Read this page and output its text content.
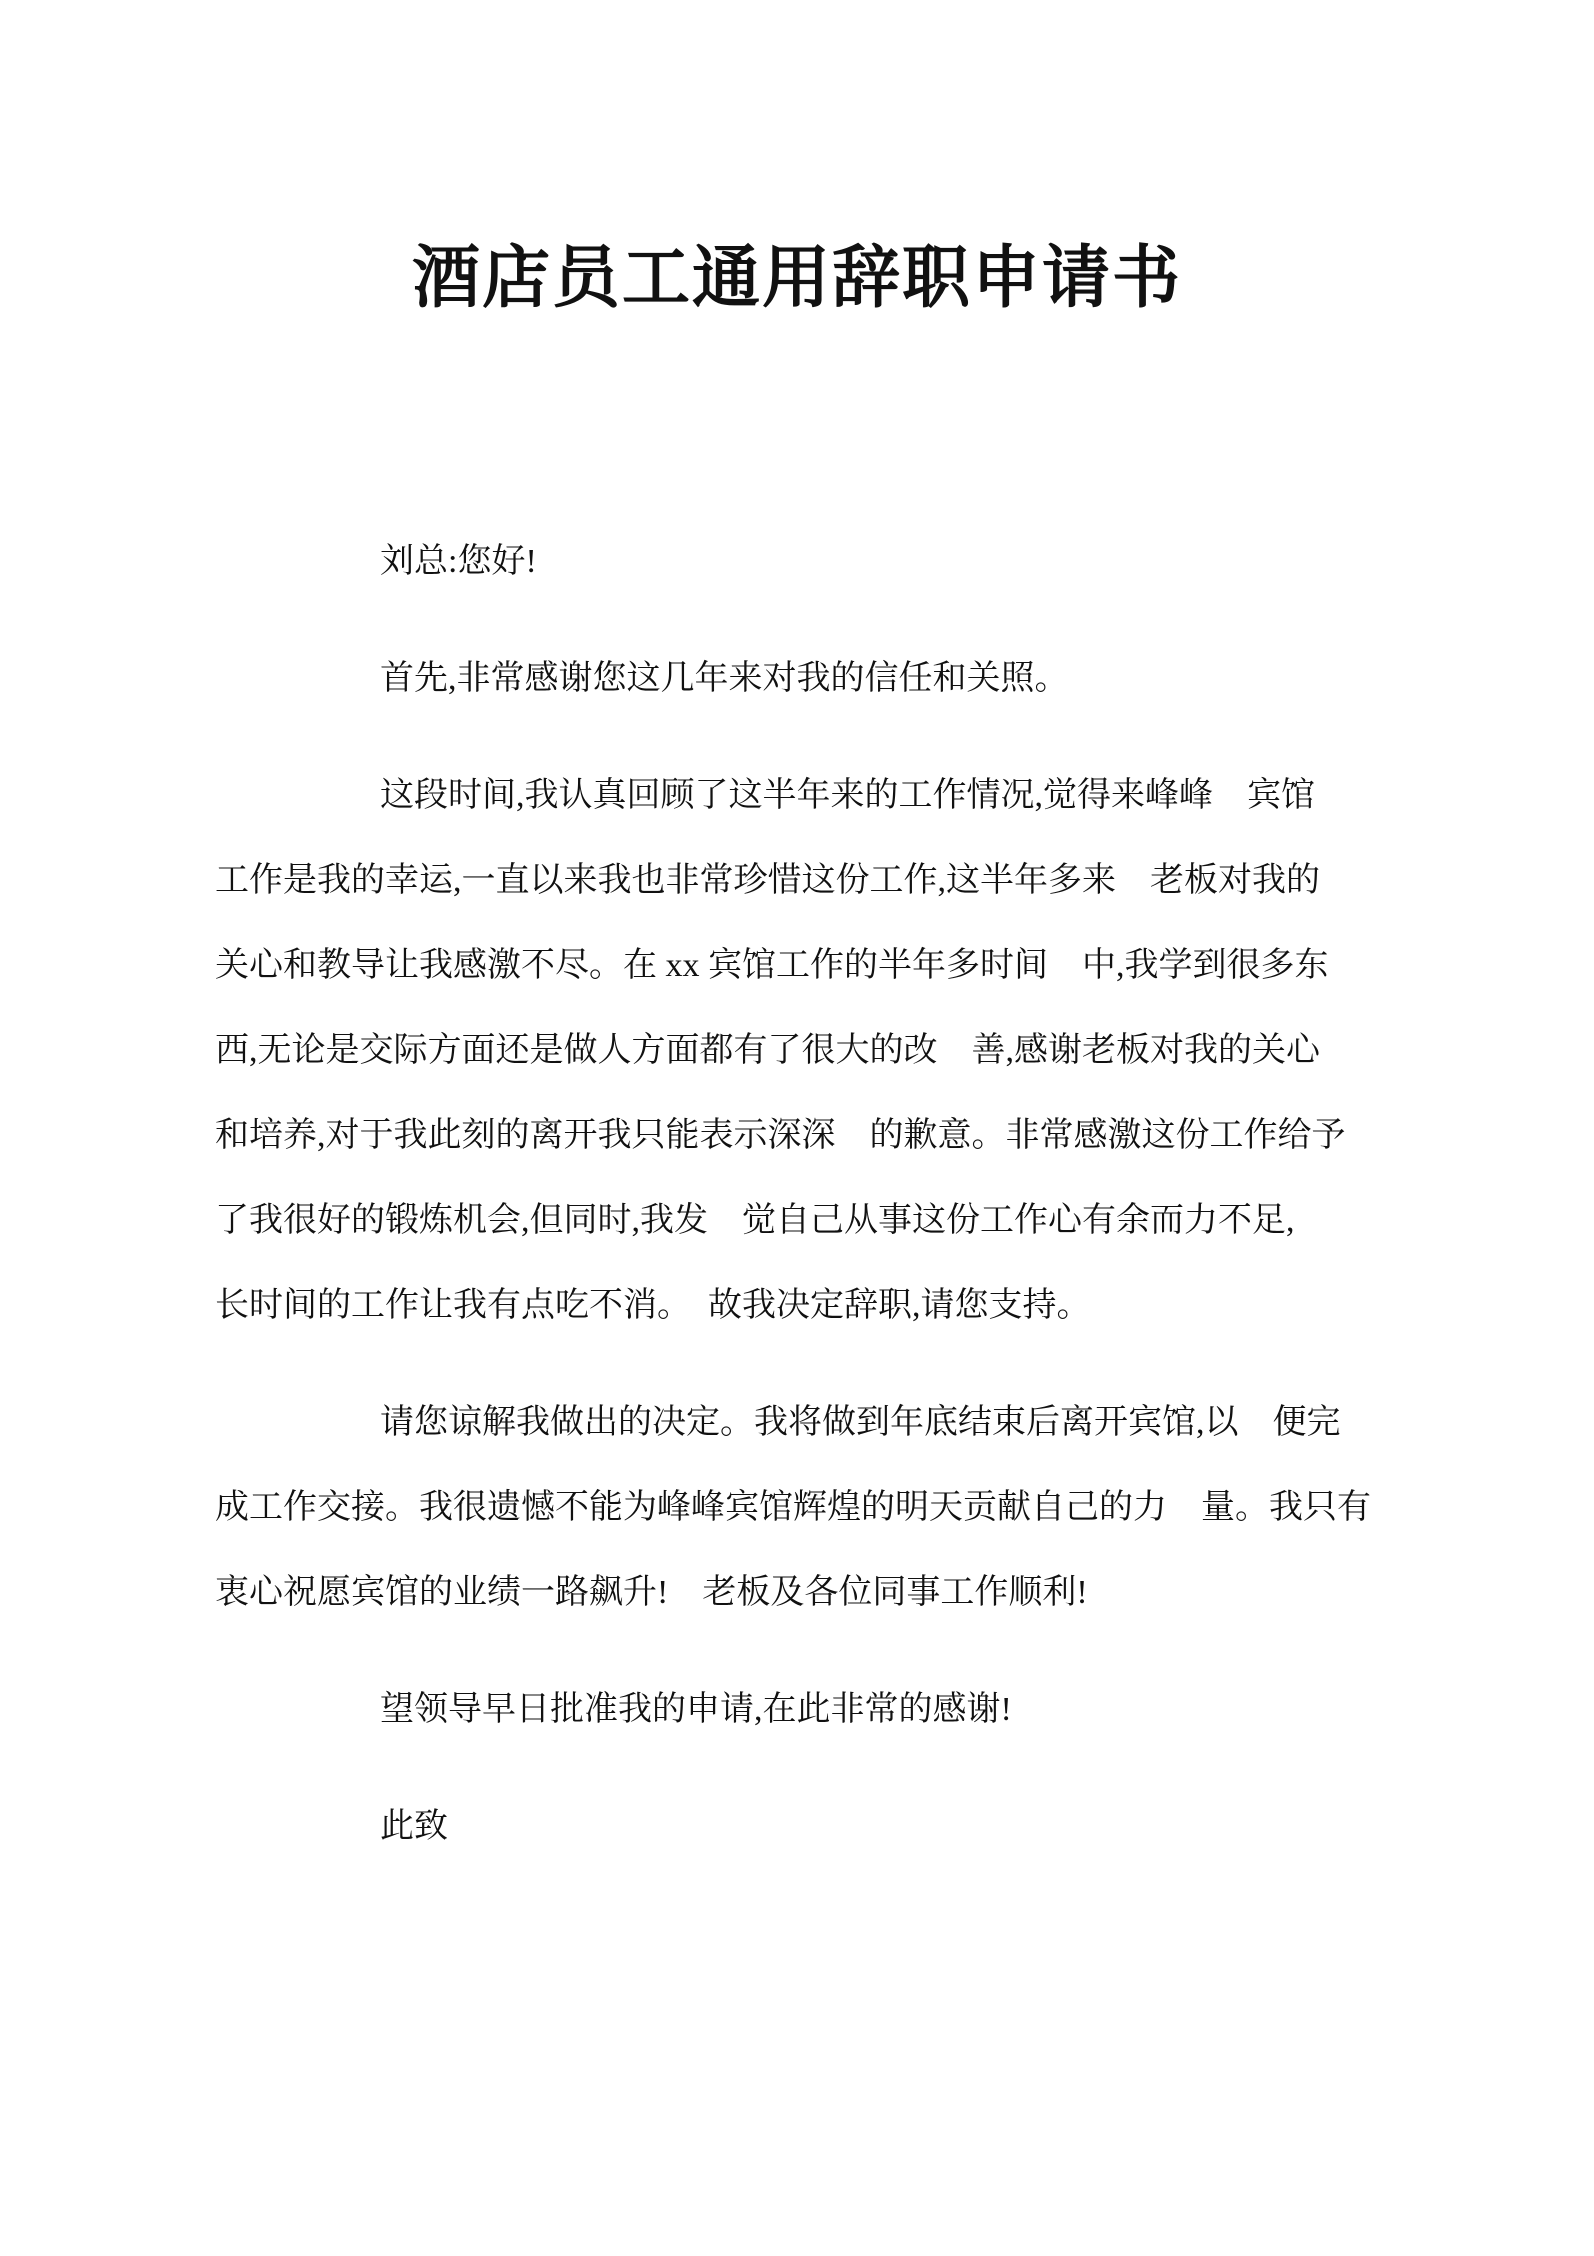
酒店员工通用辞职申请书
刘总:您好!
首先,非常感谢您这几年来对我的信任和关照。
这段时间,我认真回顾了这半年来的工作情况,觉得来峰峰　宾馆
工作是我的幸运,一直以来我也非常珍惜这份工作,这半年多来　老板对我的
关心和教导让我感激不尽。在 xx 宾馆工作的半年多时间　中,我学到很多东
西,无论是交际方面还是做人方面都有了很大的改　善,感谢老板对我的关心
和培养,对于我此刻的离开我只能表示深深　的歉意。非常感激这份工作给予
了我很好的锻炼机会,但同时,我发　觉自己从事这份工作心有余而力不足,
长时间的工作让我有点吃不消。　故我决定辞职,请您支持。
请您谅解我做出的决定。我将做到年底结束后离开宾馆,以　便完
成工作交接。我很遗憾不能为峰峰宾馆辉煌的明天贡献自己的力　量。我只有
衷心祝愿宾馆的业绩一路飙升!　老板及各位同事工作顺利!
望领导早日批准我的申请,在此非常的感谢!
此致
